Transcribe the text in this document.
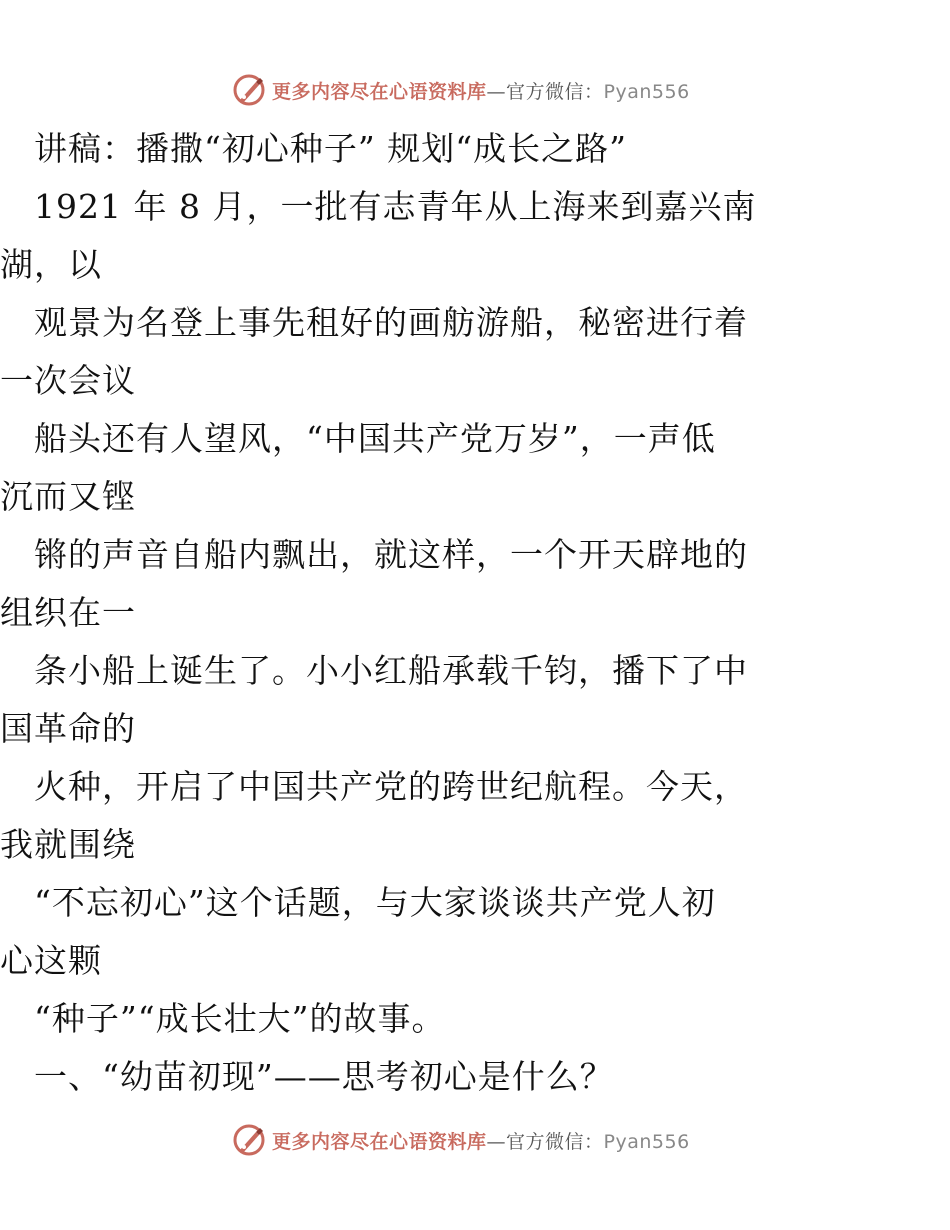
更多内容尽在心语资料库—官方微信：Pyan556
　讲稿：播撒“初心种子” 规划“成长之路”
　1921 年 8 月，一批有志青年从上海来到嘉兴南
湖，以
　观景为名登上事先租好的画舫游船，秘密进行着
一次会议
　船头还有人望风，“中国共产党万岁”，一声低
沉而又铿
　锵的声音自船内飘出，就这样，一个开天辟地的
组织在一
　条小船上诞生了。小小红船承载千钧，播下了中
国革命的
　火种，开启了中国共产党的跨世纪航程。今天，
我就围绕
　“不忘初心”这个话题，与大家谈谈共产党人初
心这颗
　“种子”“成长壮大”的故事。
　一、“幼苗初现”——思考初心是什么？
更多内容尽在心语资料库—官方微信：Pyan556
